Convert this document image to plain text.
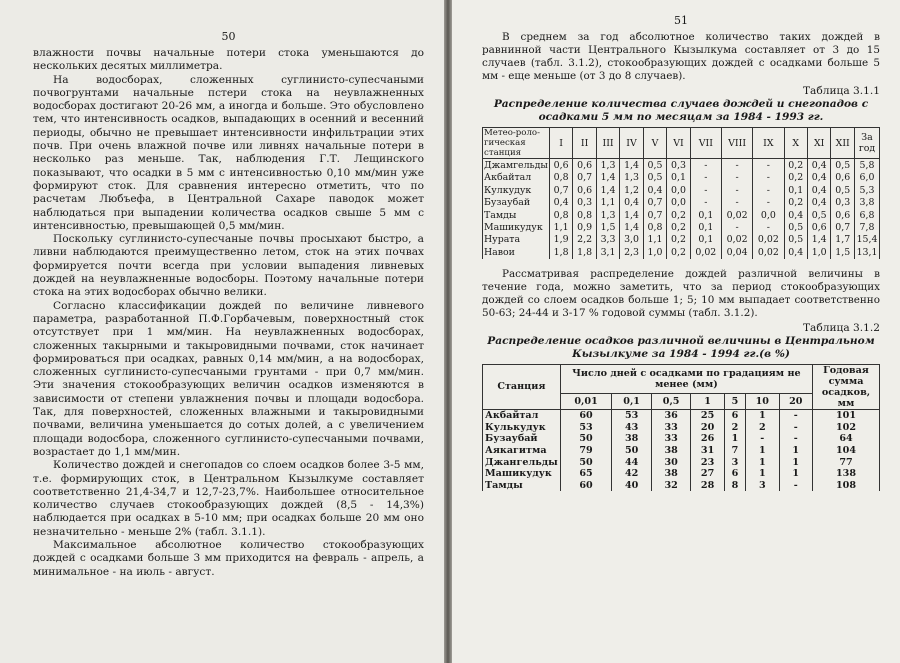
50

влажности почвы начальные потери стока уменьшаются до нескольких десятых миллиметра.

На водосборах, сложенных суглинисто-супесчаными почвогрунтами начальные пстери стока на неувлажненных водосборах достигают 20-26 мм, а иногда и больше. Это обусловлено тем, что интенсивность осадков, выпадающих в осенний и весенний периоды, обычно не превышает интенсивности инфильтрации этих почв. При очень влажной почве или ливнях начальные потери в несколько раз меньше. Так, наблюдения Г.Т. Лещинского показывают, что осадки в 5 мм с интенсивностью 0,10 мм/мин уже формируют сток. Для сравнения интересно отметить, что по расчетам Любъефа, в Центральной Сахаре паводок может наблюдаться при выпадении количества осадков свыше 5 мм с интенсивностью, превышающей 0,5 мм/мин.

Поскольку суглинисто-супесчаные почвы просыхают быстро, а ливни наблюдаются преимущественно летом, сток на этих почвах формируется почти всегда при условии выпадения ливневых дождей на неувлажненные водосборы. Поэтому начальные потери стока на этих водосборах обычно велики.

Согласно классификации дождей по величине ливневого параметра, разработанной П.Ф.Горбачевым, поверхностный сток отсутствует при 1 мм/мин. На неувлажненных водосборах, сложенных такырными и такыровидными почвами, сток начинает формироваться при осадках, равных 0,14 мм/мин, а на водосборах, сложенных суглинисто-супесчаными грунтами - при 0,7 мм/мин. Эти значения стокообразующих величин осадков изменяются в зависимости от степени увлажнения почвы и площади водосбора. Так, для поверхностей, сложенных влажными и такыровидными почвами, величина уменьшается до сотых долей, а с увеличением площади водосбора, сложенного суглинисто-супесчаными почвами, возрастает до 1,1 мм/мин.

Количество дождей и снегопадов со слоем осадков более 3-5 мм, т.е. формирующих сток, в Центральном Кызылкуме составляет соответственно 21,4-34,7 и 12,7-23,7%. Наибольшее относительное количество случаев стокообразующих дождей (8,5 - 14,3%) наблюдается при осадках в 5-10 мм; при осадках больше 20 мм оно незначительно - меньше 2% (табл. 3.1.1).

Максимальное абсолютное количество стокообразующих дождей с осадками больше 3 мм приходится на февраль - апрель, а минимальное - на июль - август.

51

В среднем за год абсолютное количество таких дождей в равнинной части Центрального Кызылкума составляет от 3 до 15 случаев (табл. 3.1.2), стокообразующих дождей с осадками больше 5 мм - еще меньше (от 3 до 8 случаев).

Таблица 3.1.1
Распределение количества случаев дождей и снегопадов с осадками 5 мм по месяцам за 1984 - 1993 гг.
Метео-роло-гическая станция	I	II	III	IV	V	VI	VII	VIII	IX	X	XI	XII	За год
Джамгельды	0,6	0,6	1,3	1,4	0,5	0,3	-	-	-	0,2	0,4	0,5	5,8
Акбайтал	0,8	0,7	1,4	1,3	0,5	0,1	-	-	-	0,2	0,4	0,6	6,0
Кулкудук	0,7	0,6	1,4	1,2	0,4	0,0	-	-	-	0,1	0,4	0,5	5,3
Бузаубай	0,4	0,3	1,1	0,4	0,7	0,0	-	-	-	0,2	0,4	0,3	3,8
Тамды	0,8	0,8	1,3	1,4	0,7	0,2	0,1	0,02	0,0	0,4	0,5	0,6	6,8
Машикудук	1,1	0,9	1,5	1,4	0,8	0,2	0,1	-	-	0,5	0,6	0,7	7,8
Нурата	1,9	2,2	3,3	3,0	1,1	0,2	0,1	0,02	0,02	0,5	1,4	1,7	15,4
Навои	1,8	1,8	3,1	2,3	1,0	0,2	0,02	0,04	0,02	0,4	1,0	1,5	13,1

Рассматривая распределение дождей различной величины в течение года, можно заметить, что за период стокообразующих дождей со слоем осадков больше 1; 5; 10 мм выпадает соответственно 50-63; 24-44 и 3-17 % годовой суммы (табл. 3.1.2).

Таблица 3.1.2
Распределение осадков различной величины в Центральном Кызылкуме за 1984 - 1994 гг.(в %)
Станция	Число дней с осадками по градациям не менее (мм)							Годовая сумма осадков, мм
	0,01	0,1	0,5	1	5	10	20	
Акбайтал	60	53	36	25	6	1	-	101
Кулькудук	53	43	33	20	2	2	-	102
Бузаубай	50	38	33	26	1	-	-	64
Аякагитма	79	50	38	31	7	1	1	104
Джангельды	50	44	30	23	3	1	1	77
Машикудук	65	42	38	27	6	1	1	138
Тамды	60	40	32	28	8	3	-	108
